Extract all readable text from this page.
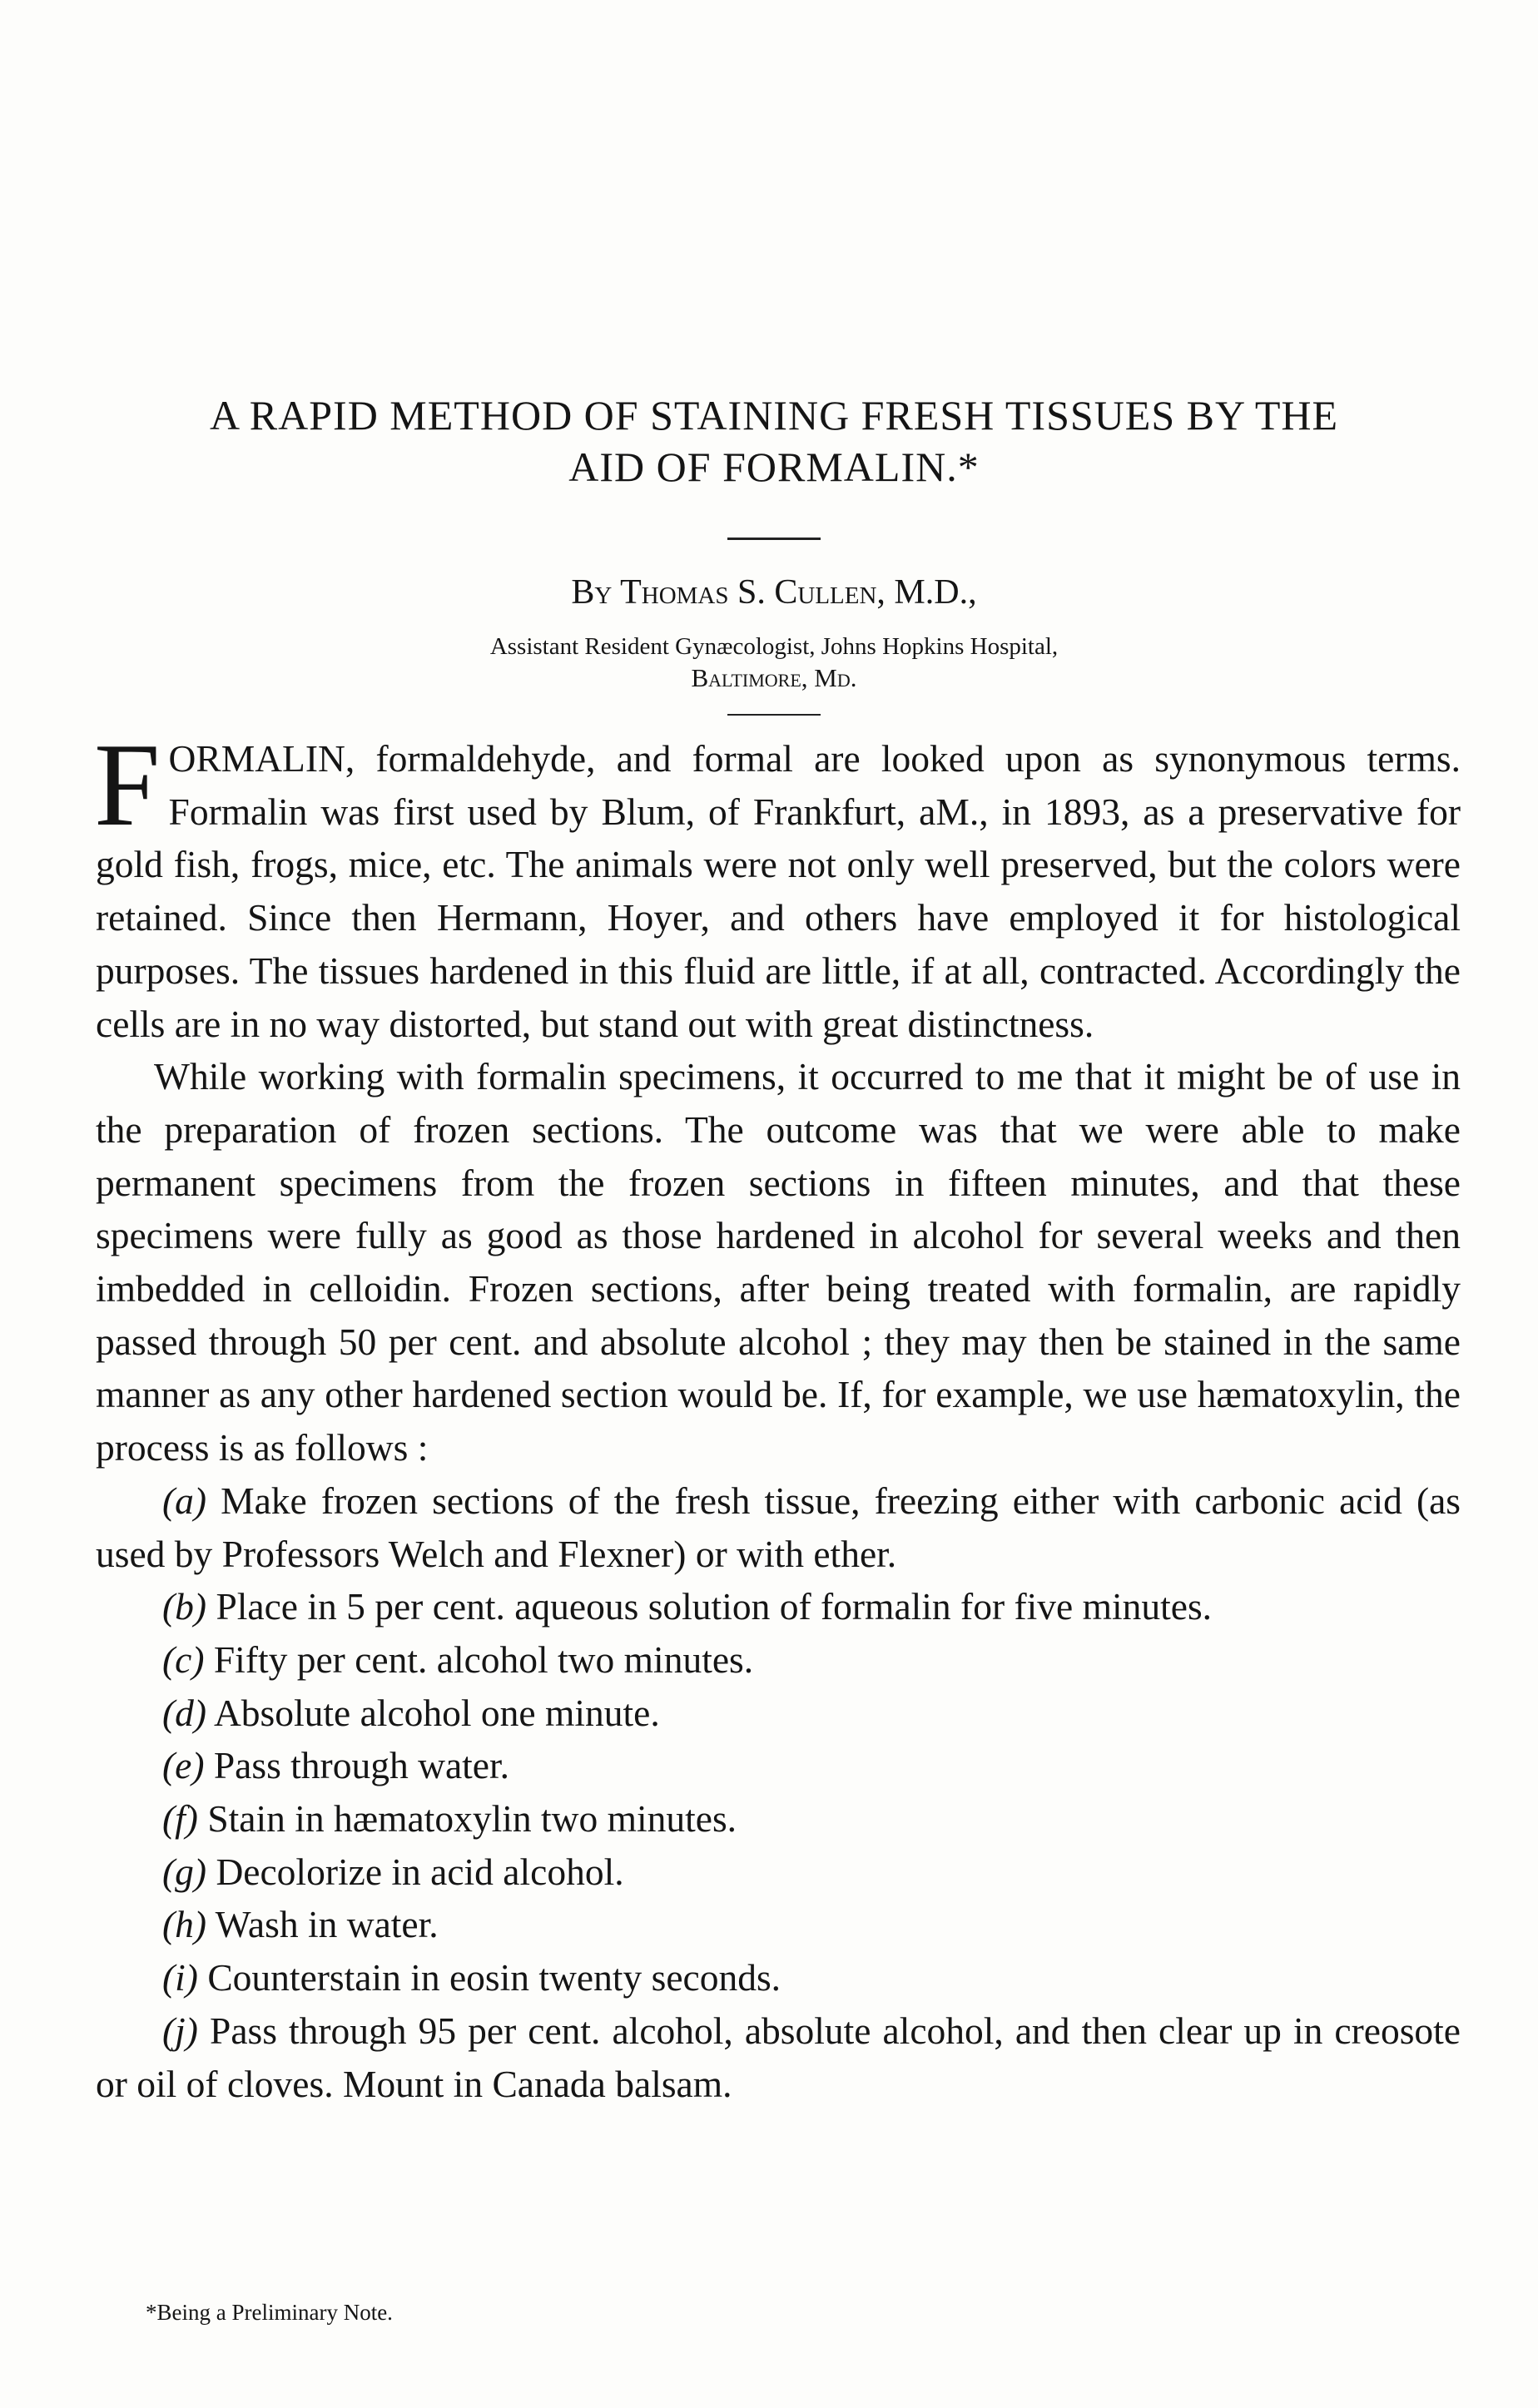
A RAPID METHOD OF STAINING FRESH TISSUES BY THE
AID OF FORMALIN.*
By Thomas S. Cullen, M.D.,
Assistant Resident Gynæcologist, Johns Hopkins Hospital,
Baltimore, Md.

FORMALIN, formaldehyde, and formal are looked upon as synonymous terms. Formalin was first used by Blum, of Frankfurt, aM., in 1893, as a preservative for gold fish, frogs, mice, etc. The animals were not only well preserved, but the colors were retained. Since then Hermann, Hoyer, and others have employed it for histological purposes. The tissues hardened in this fluid are little, if at all, contracted. Accordingly the cells are in no way distorted, but stand out with great distinctness.

While working with formalin specimens, it occurred to me that it might be of use in the preparation of frozen sections. The outcome was that we were able to make permanent specimens from the frozen sections in fifteen minutes, and that these specimens were fully as good as those hardened in alcohol for several weeks and then imbedded in celloidin. Frozen sections, after being treated with formalin, are rapidly passed through 50 per cent. and absolute alcohol ; they may then be stained in the same manner as any other hardened section would be. If, for example, we use hæmatoxylin, the process is as follows :

(a) Make frozen sections of the fresh tissue, freezing either with carbonic acid (as used by Professors Welch and Flexner) or with ether.

(b) Place in 5 per cent. aqueous solution of formalin for five minutes.

(c) Fifty per cent. alcohol two minutes.

(d) Absolute alcohol one minute.

(e) Pass through water.

(f) Stain in hæmatoxylin two minutes.

(g) Decolorize in acid alcohol.

(h) Wash in water.

(i) Counterstain in eosin twenty seconds.

(j) Pass through 95 per cent. alcohol, absolute alcohol, and then clear up in creosote or oil of cloves. Mount in Canada balsam.

*Being a Preliminary Note.
